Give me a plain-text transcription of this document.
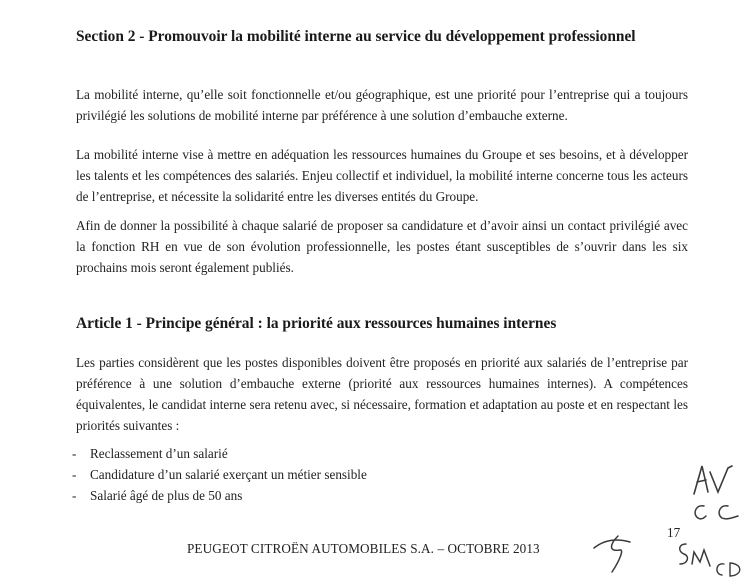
Section 2 - Promouvoir la mobilité interne au service du développement professionnel

La mobilité interne, qu’elle soit fonctionnelle et/ou géographique, est une priorité pour l’entreprise qui a toujours privilégié les solutions de mobilité interne par préférence à une solution d’embauche externe.

La mobilité interne vise à mettre en adéquation les ressources humaines du Groupe et ses besoins, et à développer les talents et les compétences des salariés. Enjeu collectif et individuel, la mobilité interne concerne tous les acteurs de l’entreprise, et nécessite la solidarité entre les diverses entités du Groupe.

Afin de donner la possibilité à chaque salarié de proposer sa candidature et d’avoir ainsi un contact privilégié avec la fonction RH en vue de son évolution professionnelle, les postes étant susceptibles de s’ouvrir dans les six prochains mois seront également publiés.

Article 1 - Principe général : la priorité aux ressources humaines internes

Les parties considèrent que les postes disponibles doivent être proposés en priorité aux salariés de l’entreprise par préférence à une solution d’embauche externe (priorité aux ressources humaines internes). A compétences équivalentes, le candidat interne sera retenu avec, si nécessaire, formation et adaptation au poste et en respectant les priorités suivantes :

- Reclassement d’un salarié
- Candidature d’un salarié exerçant un métier sensible
- Salarié âgé de plus de 50 ans
PEUGEOT CITROËN AUTOMOBILES S.A. – OCTOBRE 2013
17
